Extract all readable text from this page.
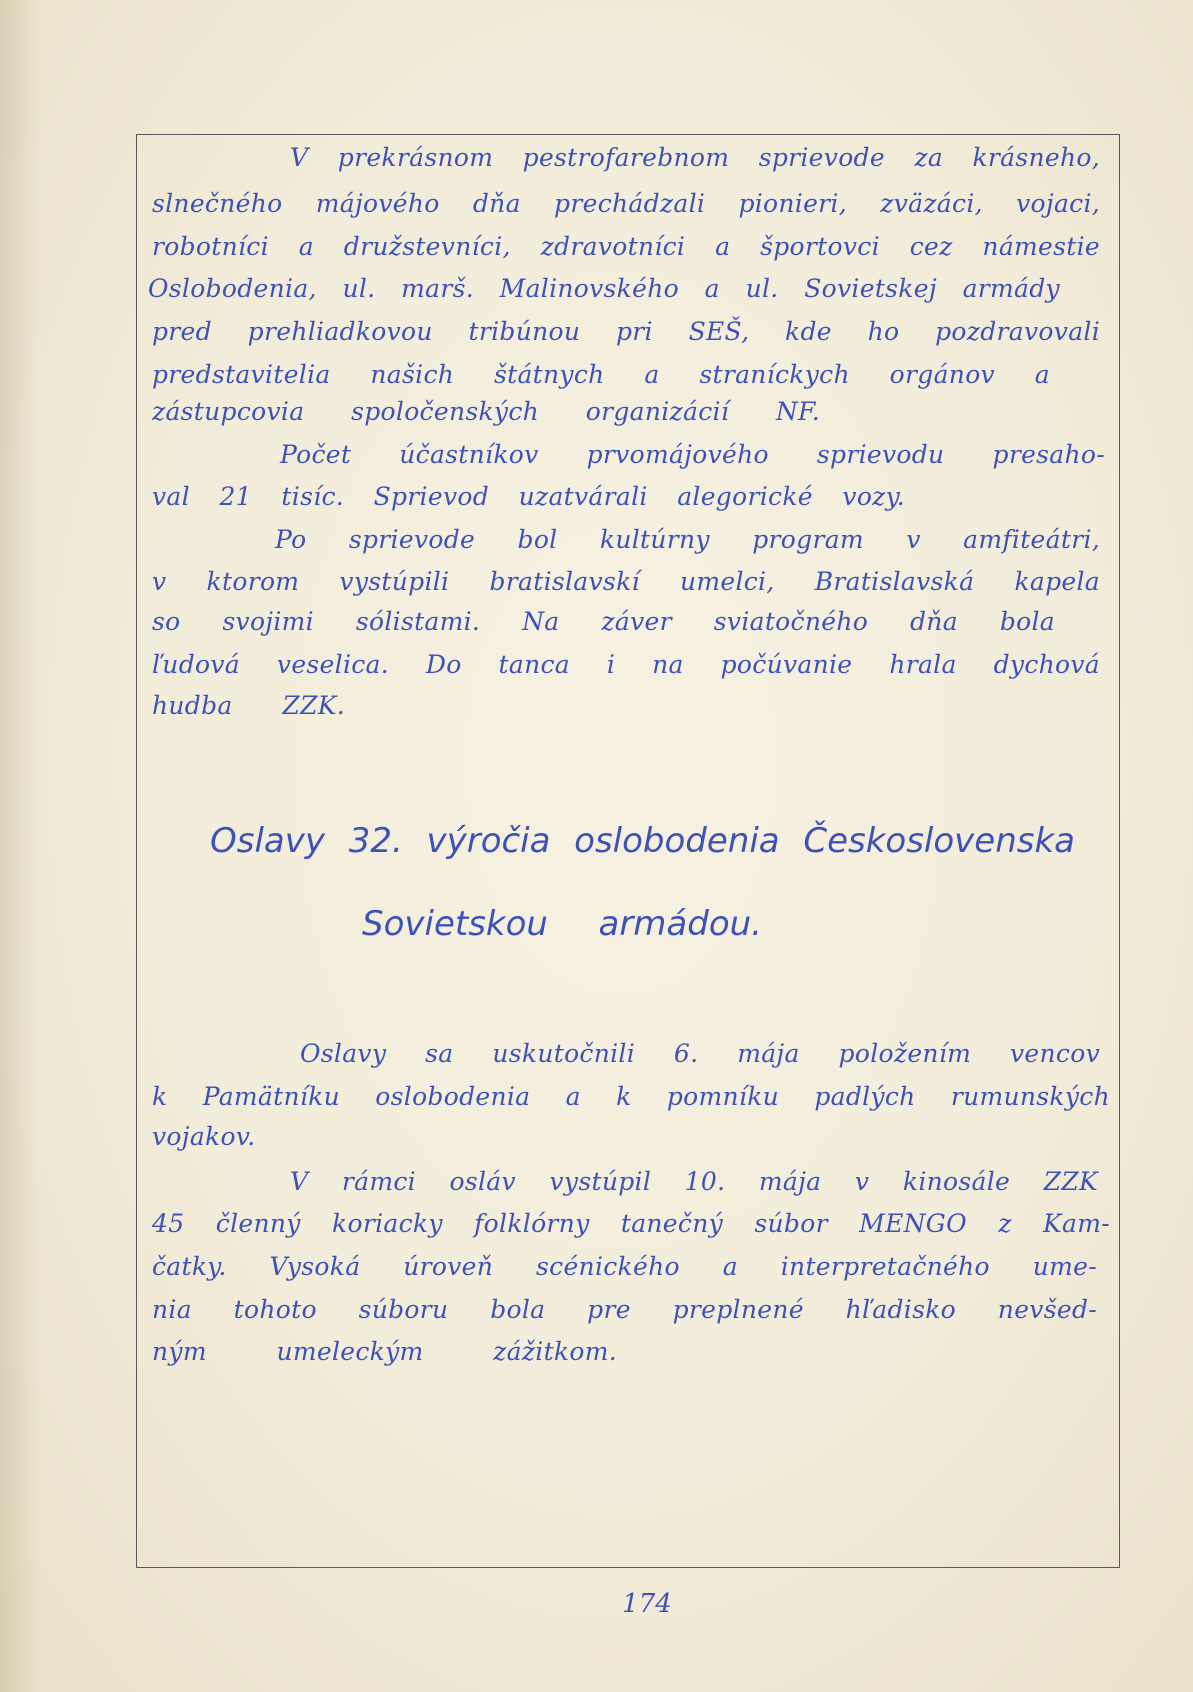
V prekrásnom pestrofarebnom sprievode za krásneho,
slnečného májového dňa prechádzali pionieri, zväzáci, vojaci,
robotníci a družstevníci, zdravotníci a športovci cez námestie
Oslobodenia, ul. marš. Malinovského a ul. Sovietskej armády
pred prehliadkovou tribúnou pri SEŠ, kde ho pozdravovali
predstavitelia našich štátnych a straníckych orgánov a
zástupcovia spoločenských organizácií NF.
Počet účastníkov prvomájového sprievodu presaho-
val 21 tisíc. Sprievod uzatvárali alegorické vozy.
Po sprievode bol kultúrny program v amfiteátri,
v ktorom vystúpili bratislavskí umelci, Bratislavská kapela
so svojimi sólistami. Na záver sviatočného dňa bola
ľudová veselica. Do tanca i na počúvanie hrala dychová
hudba ZZK.
Oslavy 32. výročia oslobodenia Československa
Sovietskou armádou.
Oslavy sa uskutočnili 6. mája položením vencov
k Pamätníku oslobodenia a k pomníku padlých rumunských
vojakov.
V rámci osláv vystúpil 10. mája v kinosále ZZK
45 členný koriacky folklórny tanečný súbor MENGO z Kam-
čatky. Vysoká úroveň scénického a interpretačného ume-
nia tohoto súboru bola pre preplnené hľadisko nevšed-
ným umeleckým zážitkom.
174
